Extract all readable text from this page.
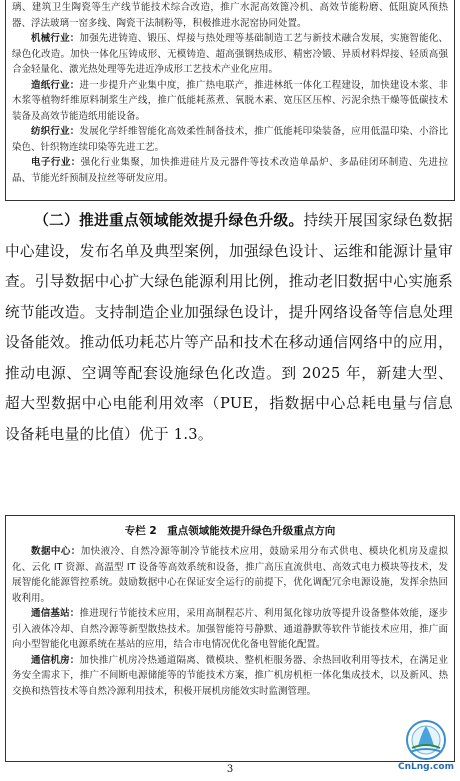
璃、建筑卫生陶瓷等生产线节能技术综合改造，推广水泥高效篦冷机、高效节能粉磨、低阻旋风预热器、浮法玻璃一窑多线、陶瓷干法制粉等，积极推进水泥窑协同处置。

机械行业：加强先进铸造、锻压、焊接与热处理等基础制造工艺与新技术融合发展，实施智能化、绿色化改造。加快一体化压铸成形、无模铸造、超高强钢热成形、精密冷锻、异质材料焊接、轻质高强合金轻量化、激光热处理等先进近净成形工艺技术产业化应用。

造纸行业：进一步提升产业集中度，推广热电联产，推进林纸一体化工程建设，加快建设木浆、非木浆等植物纤维原料制浆生产线，推广低能耗蒸煮、氧脱木素、宽压区压榨、污泥余热干燥等低碳技术装备及高效节能造纸用能设备。

纺织行业：发展化学纤维智能化高效柔性制备技术，推广低能耗印染装备，应用低温印染、小浴比染色、针织物连续印染等先进工艺。

电子行业：强化行业集聚，加快推进硅片及元器件等技术改造单晶炉、多晶硅闭环制造、先进拉晶、节能光纤预制及拉丝等研发应用。

（二）推进重点领域能效提升绿色升级。持续开展国家绿色数据中心建设，发布名单及典型案例，加强绿色设计、运维和能源计量审查。引导数据中心扩大绿色能源利用比例，推动老旧数据中心实施系统节能改造。支持制造企业加强绿色设计，提升网络设备等信息处理设备能效。推动低功耗芯片等产品和技术在移动通信网络中的应用，推动电源、空调等配套设施绿色化改造。到 2025 年，新建大型、超大型数据中心电能利用效率（PUE，指数据中心总耗电量与信息设备耗电量的比值）优于 1.3。

专栏 2　重点领域能效提升绿色升级重点方向

数据中心：加快液冷、自然冷源等制冷节能技术应用，鼓励采用分布式供电、模块化机房及虚拟化、云化 IT 资源、高温型 IT 设备等高效系统和设备，推广高压直流供电、高效式电力模块等技术，发展智能化能源管控系统。鼓励数据中心在保证安全运行的前提下，优化调配冗余电源设施，发挥余热回收利用。

通信基站：推进现行节能技术应用，采用高制程芯片、利用氮化镓功放等提升设备整体效能，逐步引入液体冷却、自然冷源等新型散热技术。加强智能符号静默、通道静默等软件节能技术应用，推广面向小型智能化电源系统在基站的应用，结合市电情况优化备电智能化配置。

通信机房：加快推广机房冷热通道隔离、微模块、整机柜服务器、余热回收利用等技术，在满足业务安全需求下，推广不间断电源储能等的节能技术方案，推广机房机柜一体化集成技术，以及新风、热交换和热管技术等自然冷源利用技术，积极开展机房能效实时监测管理。

3	CnLng.com
